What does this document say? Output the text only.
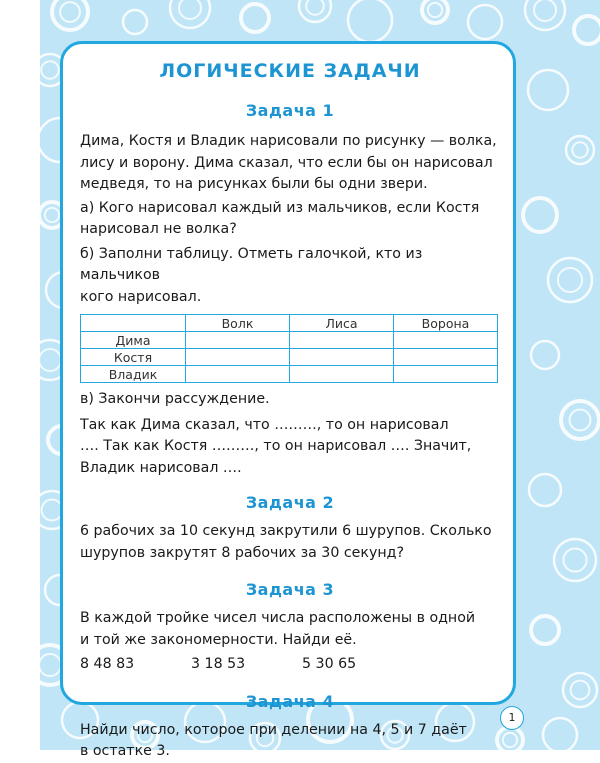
ЛОГИЧЕСКИЕ ЗАДАЧИ
Задача 1

Дима, Костя и Владик нарисовали по рисунку — волка,
лису и ворону. Дима сказал, что если бы он нарисовал
медведя, то на рисунках были бы одни звери.

а) Кого нарисовал каждый из мальчиков, если Костя
нарисовал не волка?

б) Заполни таблицу. Отметь галочкой, кто из мальчиков
кого нарисовал.

	Волк	Лиса	Ворона
Дима			
Костя			
Владик			

в) Закончи рассуждение.

Так как Дима сказал, что ………, то он нарисовал
…. Так как Костя ………, то он нарисовал …. Значит,
Владик нарисовал ….

Задача 2

6 рабочих за 10 секунд закрутили 6 шурупов. Сколько
шурупов закрутят 8 рабочих за 30 секунд?

Задача 3

В каждой тройке чисел числа расположены в одной
и той же закономерности. Найди её.

8 48 83	3 18 53	5 30 65

Задача 4

Найди число, которое при делении на 4, 5 и 7 даёт
в остатке 3.

1
